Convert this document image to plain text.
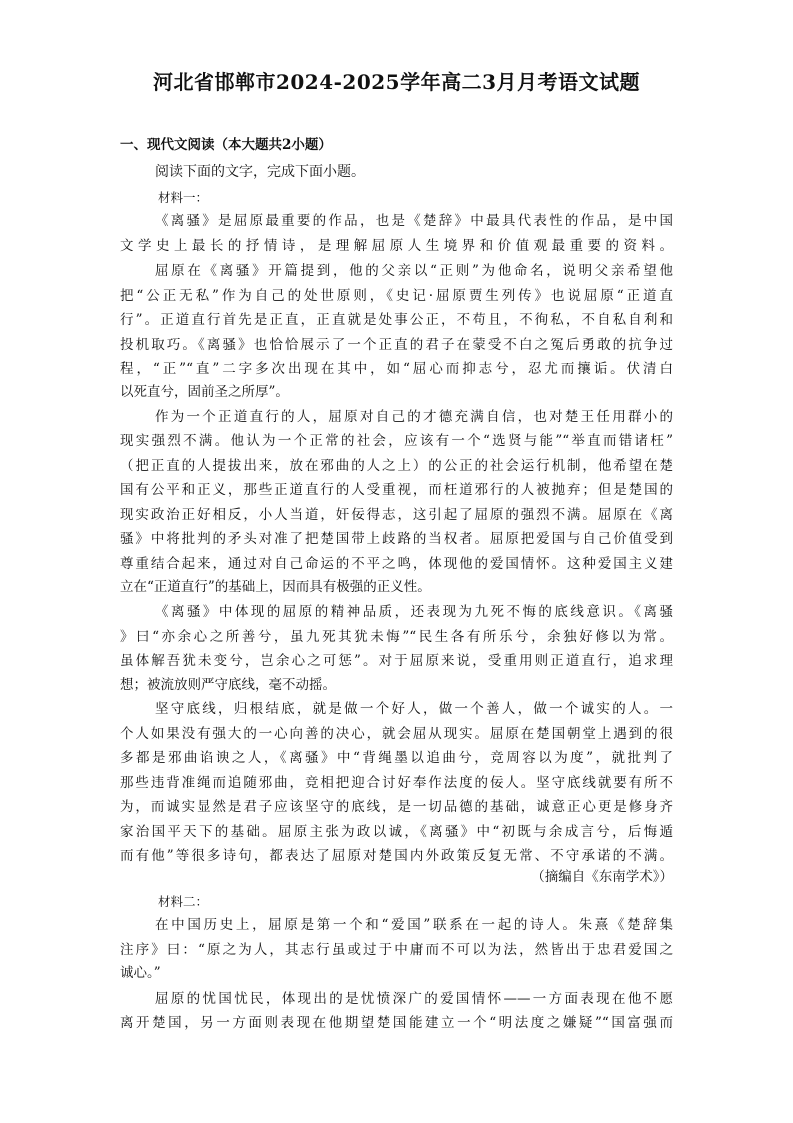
河北省邯郸市2024-2025学年高二3月月考语文试题
一、现代文阅读（本大题共2小题）
阅读下面的文字，完成下面小题。
材料一：
《离骚》是屈原最重要的作品，也是《楚辞》中最具代表性的作品，是中国
文学史上最长的抒情诗，是理解屈原人生境界和价值观最重要的资料。
屈原在《离骚》开篇提到，他的父亲以“正则”为他命名，说明父亲希望他
把“公正无私”作为自己的处世原则，《史记·屈原贾生列传》也说屈原“正道直
行”。正道直行首先是正直，正直就是处事公正，不苟且，不徇私，不自私自利和
投机取巧。《离骚》也恰恰展示了一个正直的君子在蒙受不白之冤后勇敢的抗争过
程，“正”“直”二字多次出现在其中，如“屈心而抑志兮，忍尤而攘诟。伏清白
以死直兮，固前圣之所厚”。
作为一个正道直行的人，屈原对自己的才德充满自信，也对楚王任用群小的
现实强烈不满。他认为一个正常的社会，应该有一个“选贤与能”“举直而错诸枉”
（把正直的人提拔出来，放在邪曲的人之上）的公正的社会运行机制，他希望在楚
国有公平和正义，那些正道直行的人受重视，而枉道邪行的人被抛弃；但是楚国的
现实政治正好相反，小人当道，奸佞得志，这引起了屈原的强烈不满。屈原在《离
骚》中将批判的矛头对准了把楚国带上歧路的当权者。屈原把爱国与自己价值受到
尊重结合起来，通过对自己命运的不平之鸣，体现他的爱国情怀。这种爱国主义建
立在“正道直行”的基础上，因而具有极强的正义性。
《离骚》中体现的屈原的精神品质，还表现为九死不悔的底线意识。《离骚
》曰“亦余心之所善兮，虽九死其犹未悔”“民生各有所乐兮，余独好修以为常。
虽体解吾犹未变兮，岂余心之可惩”。对于屈原来说，受重用则正道直行，追求理
想；被流放则严守底线，毫不动摇。
坚守底线，归根结底，就是做一个好人，做一个善人，做一个诚实的人。一
个人如果没有强大的一心向善的决心，就会屈从现实。屈原在楚国朝堂上遇到的很
多都是邪曲谄谀之人，《离骚》中“背绳墨以追曲兮，竞周容以为度”，就批判了
那些违背准绳而追随邪曲，竞相把迎合讨好奉作法度的佞人。坚守底线就要有所不
为，而诚实显然是君子应该坚守的底线，是一切品德的基础，诚意正心更是修身齐
家治国平天下的基础。屈原主张为政以诚，《离骚》中“初既与余成言兮，后悔遁
而有他”等很多诗句，都表达了屈原对楚国内外政策反复无常、不守承诺的不满。
（摘编自《东南学术》）
材料二：
在中国历史上，屈原是第一个和“爱国”联系在一起的诗人。朱熹《楚辞集
注序》曰：“原之为人，其志行虽或过于中庸而不可以为法，然皆出于忠君爱国之
诚心。”
屈原的忧国忧民，体现出的是忧愤深广的爱国情怀——一方面表现在他不愿
离开楚国，另一方面则表现在他期望楚国能建立一个“明法度之嫌疑”“国富强而
